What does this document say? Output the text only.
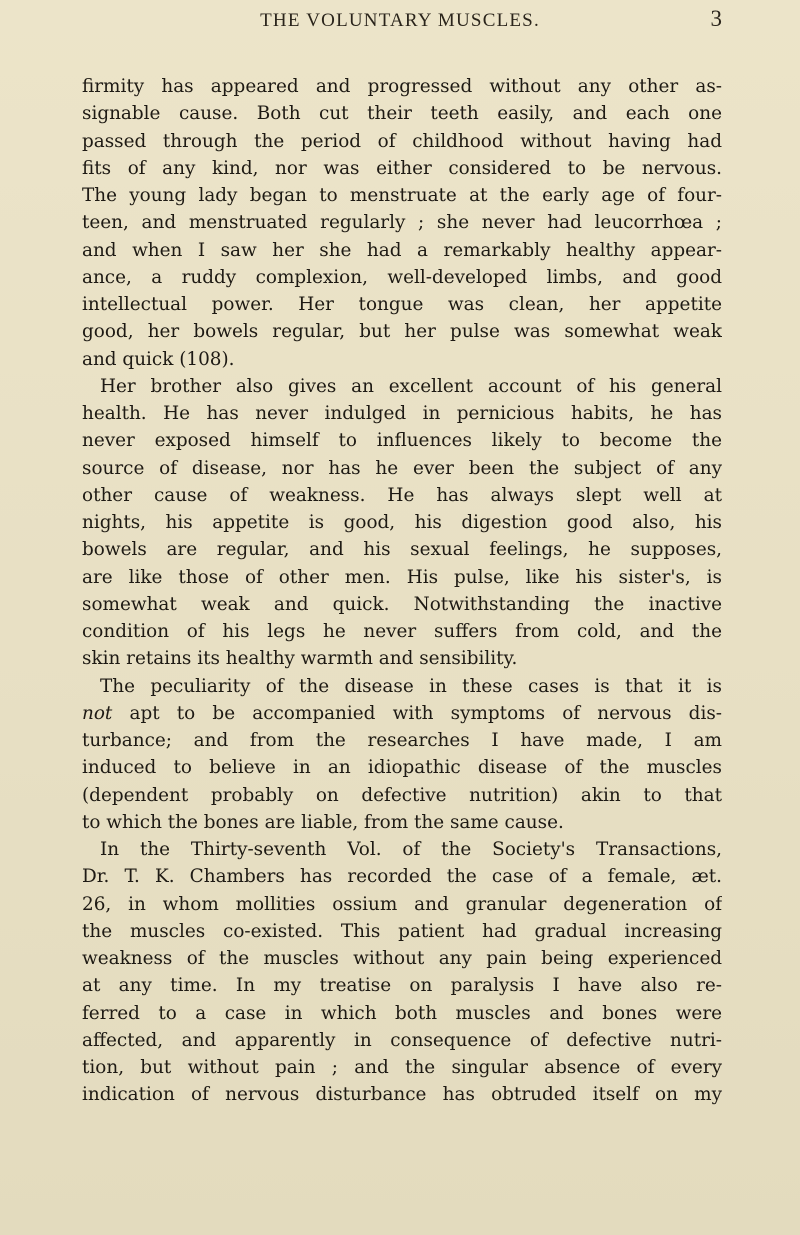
THE VOLUNTARY MUSCLES.	3
firmity has appeared and progressed without any other as-
signable cause. Both cut their teeth easily, and each one
passed through the period of childhood without having had
fits of any kind, nor was either considered to be nervous.
The young lady began to menstruate at the early age of four-
teen, and menstruated regularly ; she never had leucorrhœa ;
and when I saw her she had a remarkably healthy appear-
ance, a ruddy complexion, well-developed limbs, and good
intellectual power. Her tongue was clean, her appetite
good, her bowels regular, but her pulse was somewhat weak
and quick (108).
Her brother also gives an excellent account of his general
health. He has never indulged in pernicious habits, he has
never exposed himself to influences likely to become the
source of disease, nor has he ever been the subject of any
other cause of weakness. He has always slept well at
nights, his appetite is good, his digestion good also, his
bowels are regular, and his sexual feelings, he supposes,
are like those of other men. His pulse, like his sister's, is
somewhat weak and quick. Notwithstanding the inactive
condition of his legs he never suffers from cold, and the
skin retains its healthy warmth and sensibility.
The peculiarity of the disease in these cases is that it is
not apt to be accompanied with symptoms of nervous dis-
turbance; and from the researches I have made, I am
induced to believe in an idiopathic disease of the muscles
(dependent probably on defective nutrition) akin to that
to which the bones are liable, from the same cause.
In the Thirty-seventh Vol. of the Society's Transactions,
Dr. T. K. Chambers has recorded the case of a female, æt.
26, in whom mollities ossium and granular degeneration of
the muscles co-existed. This patient had gradual increasing
weakness of the muscles without any pain being experienced
at any time. In my treatise on paralysis I have also re-
ferred to a case in which both muscles and bones were
affected, and apparently in consequence of defective nutri-
tion, but without pain ; and the singular absence of every
indication of nervous disturbance has obtruded itself on my
